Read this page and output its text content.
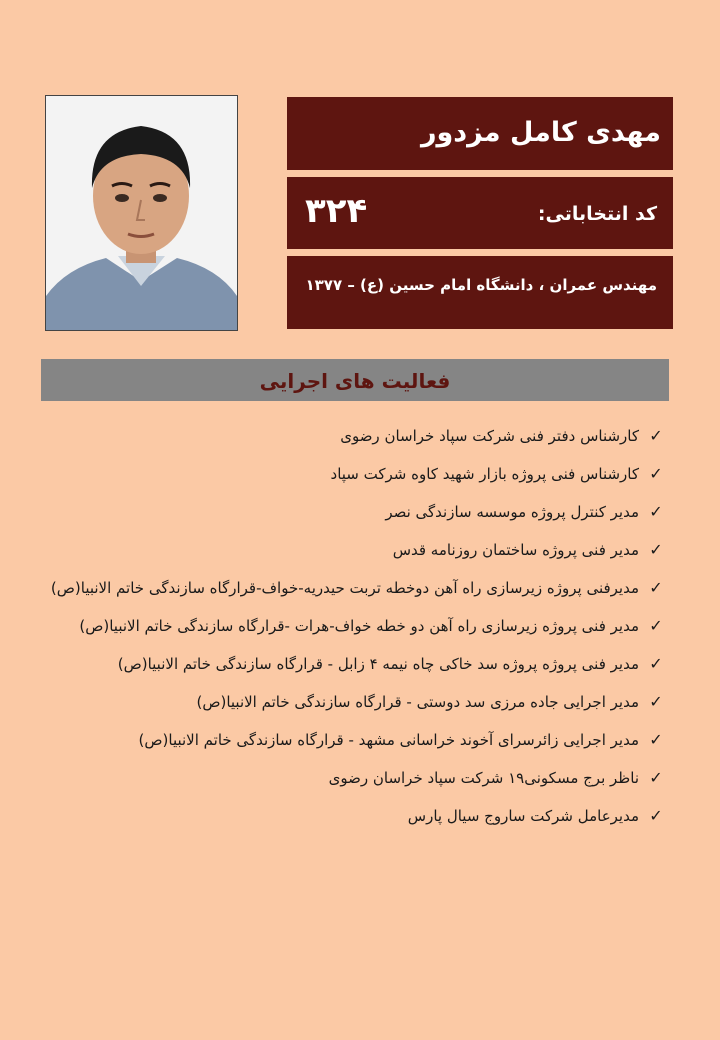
مهدی کامل مزدور
کد انتخاباتی:
۳۲۴
مهندس عمران ، دانشگاه امام حسین (ع) – ۱۳۷۷
فعالیت های اجرایی
✓
کارشناس دفتر فنی شرکت سپاد خراسان رضوی
✓
کارشناس فنی پروژه بازار شهید کاوه شرکت سپاد
✓
مدیر کنترل پروژه موسسه سازندگی نصر
✓
مدیر فنی پروژه ساختمان روزنامه قدس
✓
مدیرفنی پروژه زیرسازی راه آهن دوخطه تربت حیدریه-خواف-قرارگاه سازندگی خاتم الانبیا(ص)
✓
مدیر فنی پروژه زیرسازی راه آهن دو خطه خواف-هرات -قرارگاه سازندگی خاتم الانبیا(ص)
✓
مدیر فنی پروژه پروژه سد خاکی چاه نیمه ۴ زابل - قرارگاه سازندگی خاتم الانبیا(ص)
✓
مدیر اجرایی جاده مرزی سد دوستی - قرارگاه سازندگی خاتم الانبیا(ص)
✓
مدیر اجرایی زائرسرای آخوند خراسانی مشهد - قرارگاه سازندگی خاتم الانبیا(ص)
✓
ناظر برج مسکونی۱۹ شرکت سپاد خراسان رضوی
✓
مدیرعامل شرکت ساروج سیال پارس
